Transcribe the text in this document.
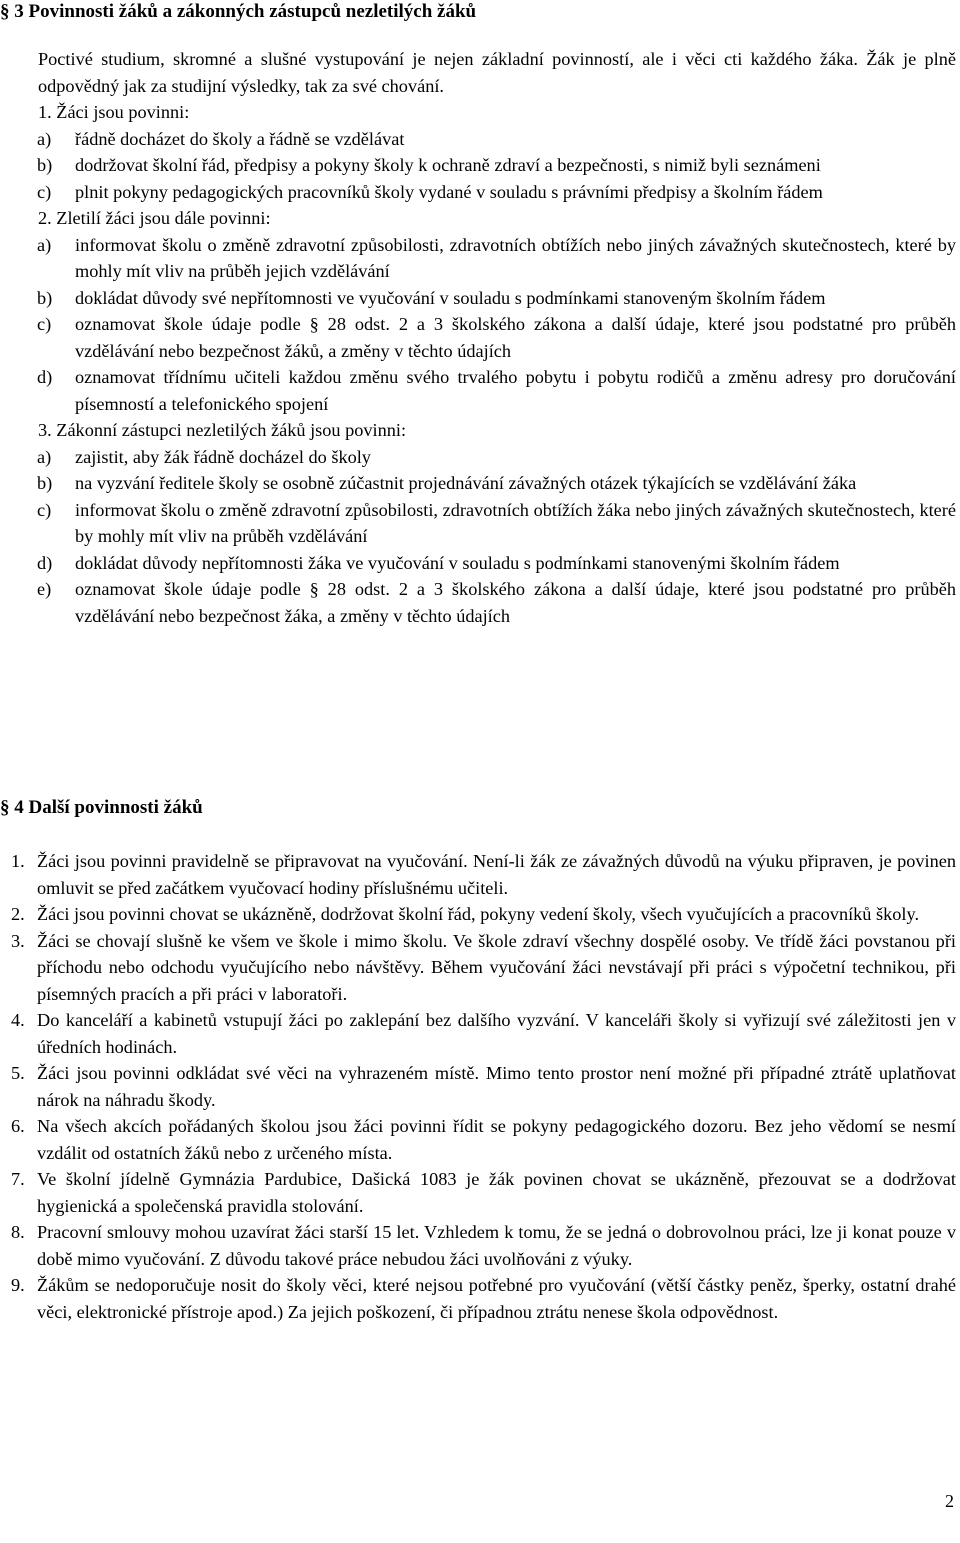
§ 3 Povinnosti žáků a zákonných zástupců nezletilých žáků

Poctivé studium, skromné a slušné vystupování je nejen základní povinností, ale i věci cti každého žáka. Žák je plně odpovědný jak za studijní výsledky, tak za své chování.

1. Žáci jsou povinni:

a)	řádně docházet do školy a řádně se vzdělávat
b)	dodržovat školní řád, předpisy a pokyny školy k ochraně zdraví a bezpečnosti, s nimiž byli seznámeni
c)	plnit pokyny pedagogických pracovníků školy vydané v souladu s právními předpisy a školním řádem

2. Zletilí žáci jsou dále povinni:

a)	informovat školu o změně zdravotní způsobilosti, zdravotních obtížích nebo jiných závažných skutečnostech, které by mohly mít vliv na průběh jejich vzdělávání
b)	dokládat důvody své nepřítomnosti ve vyučování v souladu s podmínkami stanoveným školním řádem
c)	oznamovat škole údaje podle § 28 odst. 2 a 3 školského zákona a další údaje, které jsou podstatné pro průběh vzdělávání nebo bezpečnost žáků, a změny v těchto údajích
d)	oznamovat třídnímu učiteli každou změnu svého trvalého pobytu i pobytu rodičů a změnu adresy pro doručování písemností a telefonického spojení

3. Zákonní zástupci nezletilých žáků jsou povinni:

a)	zajistit, aby žák řádně docházel do školy
b)	na vyzvání ředitele školy se osobně zúčastnit projednávání závažných otázek týkajících se vzdělávání žáka
c)	informovat školu o změně zdravotní způsobilosti, zdravotních obtížích žáka nebo jiných závažných skutečnostech, které by mohly mít vliv na průběh vzdělávání
d)	dokládat důvody nepřítomnosti žáka ve vyučování v souladu s podmínkami stanovenými školním řádem
e)	oznamovat škole údaje podle § 28 odst. 2 a 3 školského zákona a další údaje, které jsou podstatné pro průběh vzdělávání nebo bezpečnost žáka, a změny v těchto údajích
§ 4 Další povinnosti žáků
1. Žáci jsou povinni pravidelně se připravovat na vyučování. Není-li žák ze závažných důvodů na výuku připraven, je povinen omluvit se před začátkem vyučovací hodiny příslušnému učiteli.
2. Žáci jsou povinni chovat se ukázněně, dodržovat školní řád, pokyny vedení školy, všech vyučujících a pracovníků školy.
3. Žáci se chovají slušně ke všem ve škole i mimo školu. Ve škole zdraví všechny dospělé osoby. Ve třídě žáci povstanou při příchodu nebo odchodu vyučujícího nebo návštěvy. Během vyučování žáci nevstávají při práci s výpočetní technikou, při písemných pracích a při práci v laboratoři.
4. Do kanceláří a kabinetů vstupují žáci po zaklepání bez dalšího vyzvání. V kanceláři školy si vyřizují své záležitosti jen v úředních hodinách.
5. Žáci jsou povinni odkládat své věci na vyhrazeném místě. Mimo tento prostor není možné při případné ztrátě uplatňovat nárok na náhradu škody.
6. Na všech akcích pořádaných školou jsou žáci povinni řídit se pokyny pedagogického dozoru. Bez jeho vědomí se nesmí vzdálit od ostatních žáků nebo z určeného místa.
7. Ve školní jídelně Gymnázia Pardubice, Dašická 1083 je žák povinen chovat se ukázněně, přezouvat se a dodržovat hygienická a společenská pravidla stolování.
8. Pracovní smlouvy mohou uzavírat žáci starší 15 let. Vzhledem k tomu, že se jedná o dobrovolnou práci, lze ji konat pouze v době mimo vyučování. Z důvodu takové práce nebudou žáci uvolňováni z výuky.
9. Žákům se nedoporučuje nosit do školy věci, které nejsou potřebné pro vyučování (větší částky peněz, šperky, ostatní drahé věci, elektronické přístroje apod.) Za jejich poškození, či případnou ztrátu nenese škola odpovědnost.
2
